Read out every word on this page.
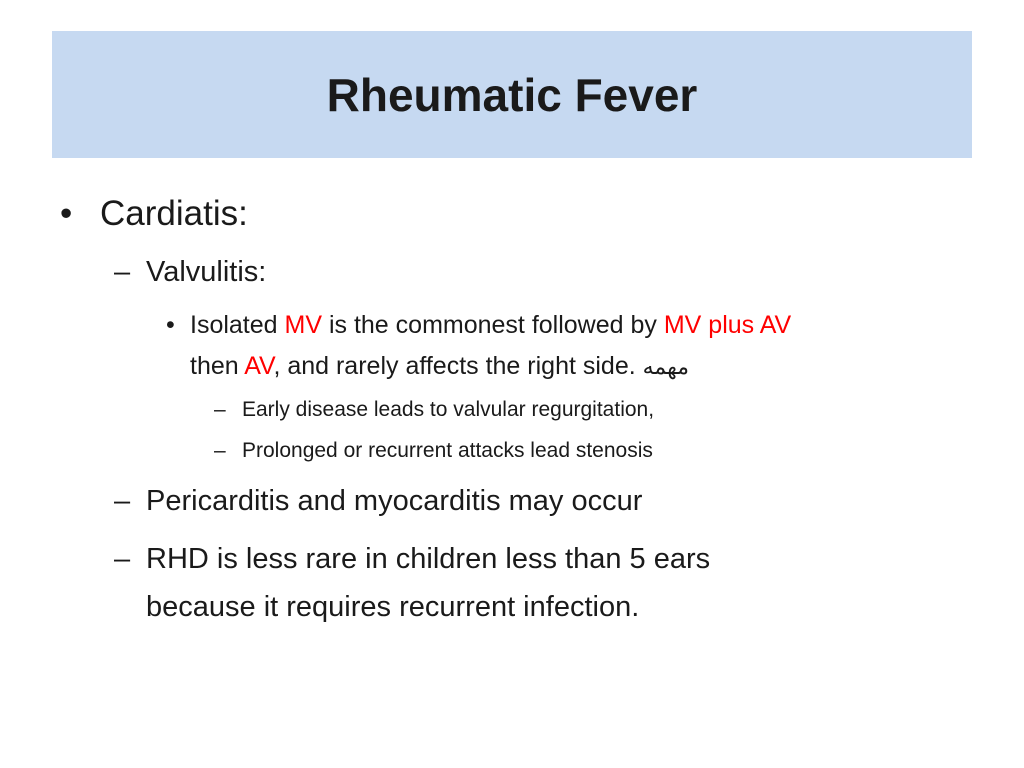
Rheumatic Fever
• Cardiatis:
– Valvulitis:
• Isolated MV is the commonest followed by MV plus AV
then AV, and rarely affects the right side. مهمه
– Early disease leads to valvular regurgitation,
– Prolonged or recurrent attacks lead stenosis
– Pericarditis and myocarditis may occur
– RHD is less rare in children less than 5 ears
because it requires recurrent infection.
